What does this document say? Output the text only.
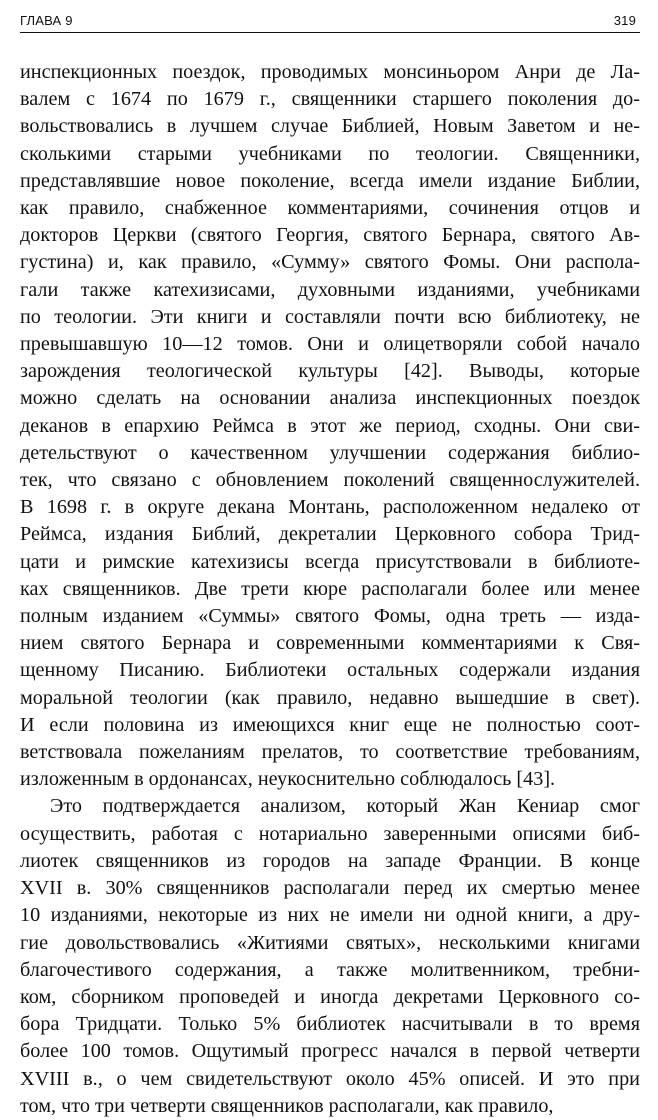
ГЛАВА 9	319

инспекционных поездок, проводимых монсиньором Анри де Ла-
валем с 1674 по 1679 г., священники старшего поколения до-
вольствовались в лучшем случае Библией, Новым Заветом и не-
сколькими старыми учебниками по теологии. Священники,
представлявшие новое поколение, всегда имели издание Библии,
как правило, снабженное комментариями, сочинения отцов и
докторов Церкви (святого Георгия, святого Бернара, святого Ав-
густина) и, как правило, «Сумму» святого Фомы. Они распола-
гали также катехизисами, духовными изданиями, учебниками
по теологии. Эти книги и составляли почти всю библиотеку, не
превышавшую 10—12 томов. Они и олицетворяли собой начало
зарождения теологической культуры [42]. Выводы, которые
можно сделать на основании анализа инспекционных поездок
деканов в епархию Реймса в этот же период, сходны. Они сви-
детельствуют о качественном улучшении содержания библио-
тек, что связано с обновлением поколений священнослужителей.
В 1698 г. в округе декана Монтань, расположенном недалеко от
Реймса, издания Библий, декреталии Церковного собора Трид-
цати и римские катехизисы всегда присутствовали в библиоте-
ках священников. Две трети кюре располагали более или менее
полным изданием «Суммы» святого Фомы, одна треть — изда-
нием святого Бернара и современными комментариями к Свя-
щенному Писанию. Библиотеки остальных содержали издания
моральной теологии (как правило, недавно вышедшие в свет).
И если половина из имеющихся книг еще не полностью соот-
ветствовала пожеланиям прелатов, то соответствие требованиям,
изложенным в ордонансах, неукоснительно соблюдалось [43].

Это подтверждается анализом, который Жан Кениар смог
осуществить, работая с нотариально заверенными описями биб-
лиотек священников из городов на западе Франции. В конце
XVII в. 30% священников располагали перед их смертью менее
10 изданиями, некоторые из них не имели ни одной книги, а дру-
гие довольствовались «Житиями святых», несколькими книгами
благочестивого содержания, а также молитвенником, требни-
ком, сборником проповедей и иногда декретами Церковного со-
бора Тридцати. Только 5% библиотек насчитывали в то время
более 100 томов. Ощутимый прогресс начался в первой четверти
XVIII в., о чем свидетельствуют около 45% описей. И это при
том, что три четверти священников располагали, как правило,
